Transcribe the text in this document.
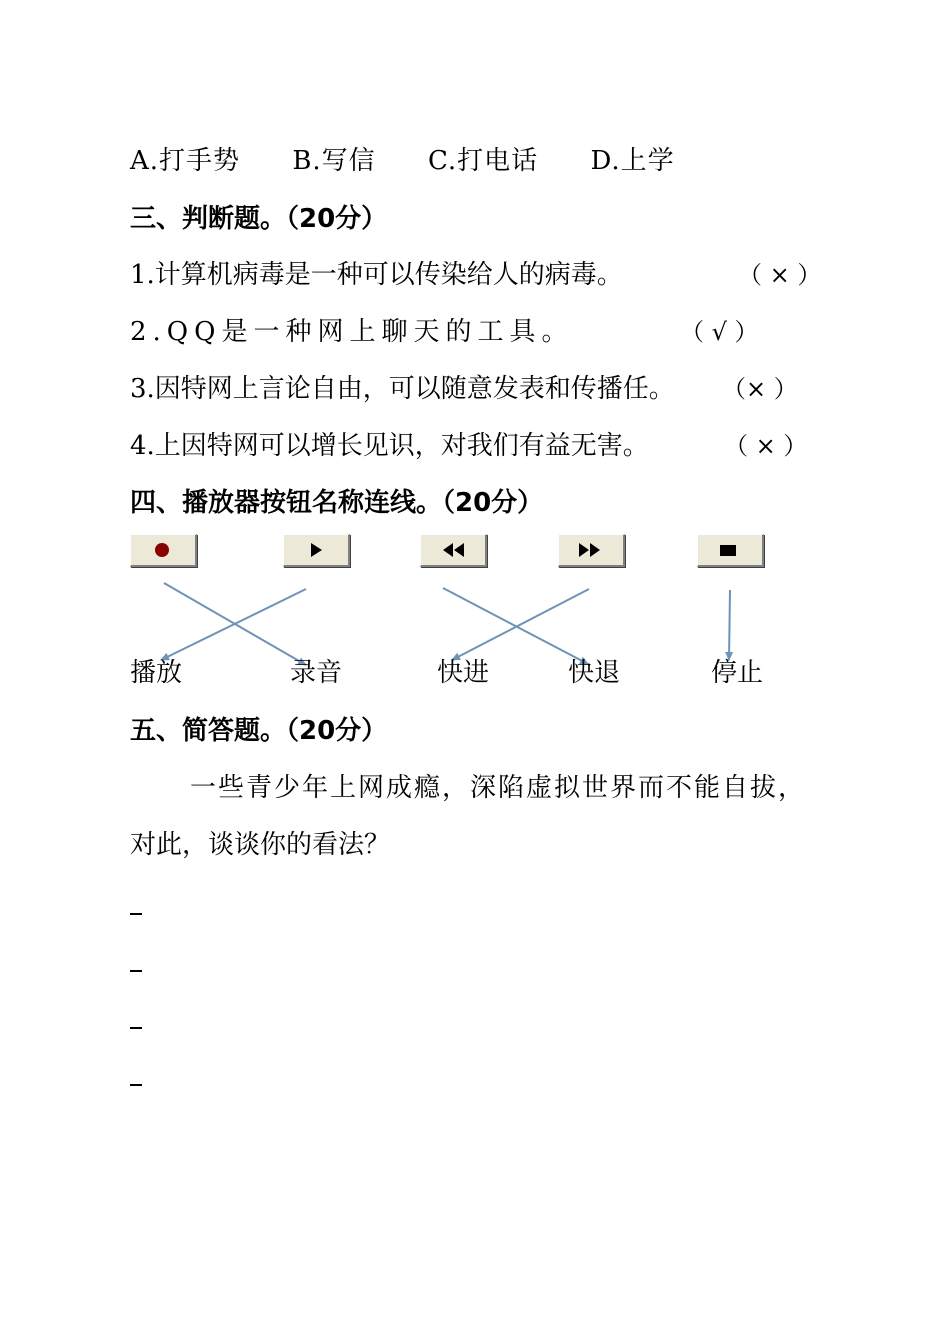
A.打手势 B.写信 C.打电话 D.上学
三、判断题。（20分）
1.计算机病毒是一种可以传染给人的病毒。	（ × ）
2.QQ是一种网上聊天的工具。	（ √ ）
3.因特网上言论自由，可以随意发表和传播任。 （× ）
4.上因特网可以增长见识，对我们有益无害。	（ × ）
四、播放器按钮名称连线。（20分）
播放	录音	快进	快退	停止
五、简答题。（20分）
一些青少年上网成瘾，深陷虚拟世界而不能自拔，
对此，谈谈你的看法？
